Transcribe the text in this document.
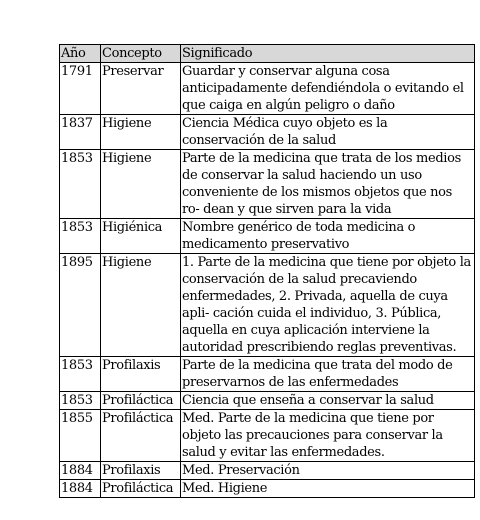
Año	Concepto	Significado
1791	Preservar	Guardar y conservar alguna cosa anticipadamente defendiéndola o evitando el que caiga en algún peligro o daño
1837	Higiene	Ciencia Médica cuyo objeto es la conservación de la salud
1853	Higiene	Parte de la medicina que trata de los medios de conservar la salud haciendo un uso conveniente de los mismos objetos que nos ro- dean y que sirven para la vida
1853	Higiénica	Nombre genérico de toda medicina o medicamento preservativo
1895	Higiene	1. Parte de la medicina que tiene por objeto la conservación de la salud precaviendo enfermedades, 2. Privada, aquella de cuya apli- cación cuida el individuo, 3. Pública, aquella en cuya aplicación interviene la autoridad prescribiendo reglas preventivas.
1853	Profilaxis	Parte de la medicina que trata del modo de preservarnos de las enfermedades
1853	Profiláctica	Ciencia que enseña a conservar la salud
1855	Profiláctica	Med. Parte de la medicina que tiene por objeto las precauciones para conservar la salud y evitar las enfermedades.
1884	Profilaxis	Med. Preservación
1884	Profiláctica	Med. Higiene
